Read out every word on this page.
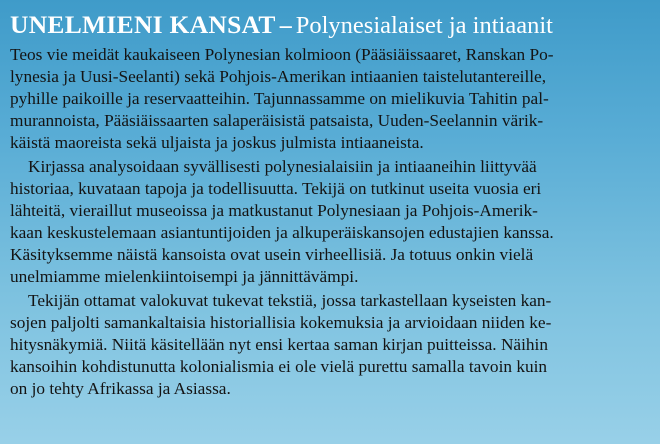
UNELMIENI KANSAT – Polynesialaiset ja intiaanit

Teos vie meidät kaukaiseen Polynesian kolmioon (Pääsiäissaaret, Ranskan Po-
lynesia ja Uusi-Seelanti) sekä Pohjois-Amerikan intiaanien taistelutantereille,
pyhille paikoille ja reservaatteihin. Tajunnassamme on mielikuvia Tahitin pal-
murannoista, Pääsiäissaarten salaperäisistä patsaista, Uuden-Seelannin värik-
käistä maoreista sekä uljaista ja joskus julmista intiaaneista.

Kirjassa analysoidaan syvällisesti polynesialaisiin ja intiaaneihin liittyvää
historiaa, kuvataan tapoja ja todellisuutta. Tekijä on tutkinut useita vuosia eri
lähteitä, vieraillut museoissa ja matkustanut Polynesiaan ja Pohjois-Amerik-
kaan keskustelemaan asiantuntijoiden ja alkuperäiskansojen edustajien kanssa.
Käsityksemme näistä kansoista ovat usein virheellisiä. Ja totuus onkin vielä
unelmiamme mielenkiintoisempi ja jännittävämpi.

Tekijän ottamat valokuvat tukevat tekstiä, jossa tarkastellaan kyseisten kan-
sojen paljolti samankaltaisia historiallisia kokemuksia ja arvioidaan niiden ke-
hitysnäkymiä. Niitä käsitellään nyt ensi kertaa saman kirjan puitteissa. Näihin
kansoihin kohdistunutta kolonialismia ei ole vielä purettu samalla tavoin kuin
on jo tehty Afrikassa ja Asiassa.
